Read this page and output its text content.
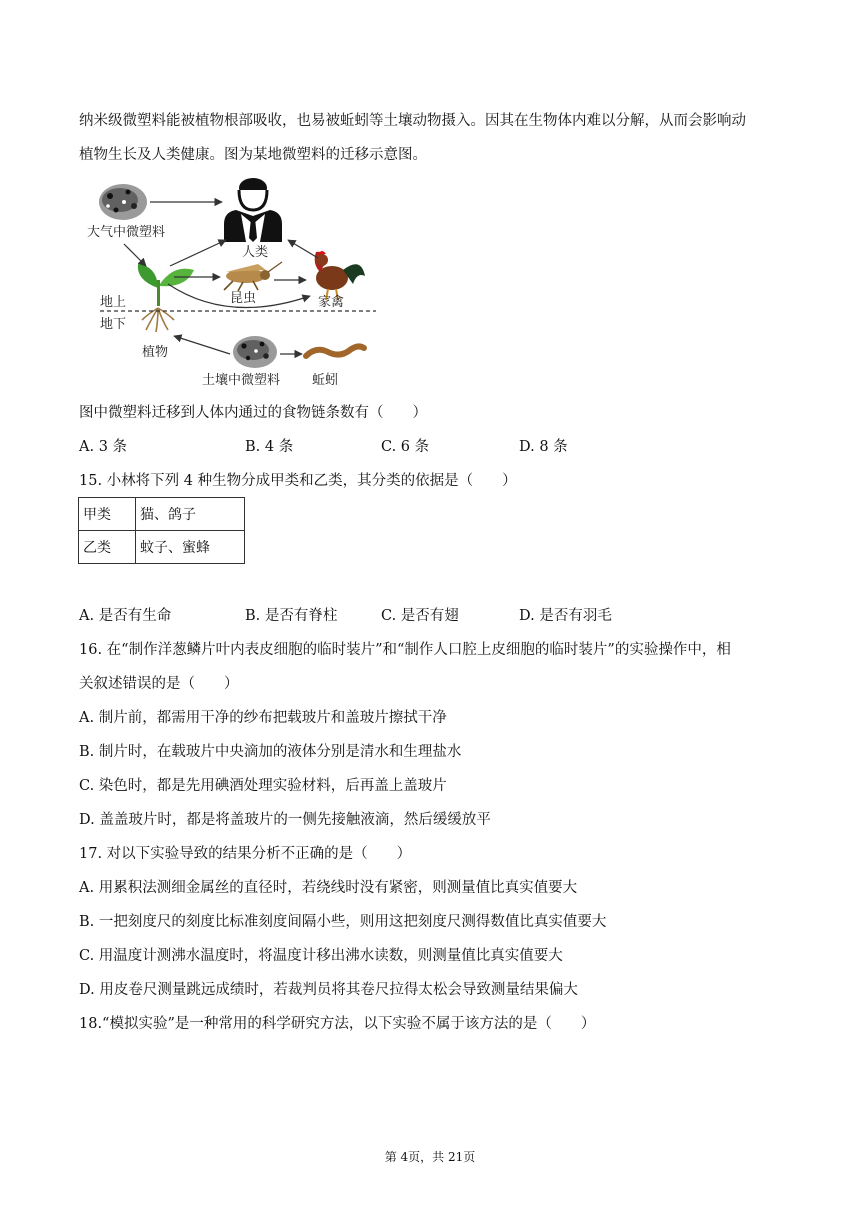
纳米级微塑料能被植物根部吸收，也易被蚯蚓等土壤动物摄入。因其在生物体内难以分解，从而会影响动
植物生长及人类健康。图为某地微塑料的迁移示意图。
大气中微塑料
人类
昆虫	家禽
地上
地下
植物
土壤中微塑料 蚯蚓
图中微塑料迁移到人体内通过的食物链条数有（　　）
A. 3 条	B. 4 条	C. 6 条	D. 8 条
15. 小林将下列 4 种生物分成甲类和乙类，其分类的依据是（　　）
甲类	猫、鸽子
乙类	蚊子、蜜蜂
A. 是否有生命	B. 是否有脊柱	C. 是否有翅	D. 是否有羽毛
16. 在“制作洋葱鳞片叶内表皮细胞的临时装片”和“制作人口腔上皮细胞的临时装片”的实验操作中，相
关叙述错误的是（　　）
A. 制片前，都需用干净的纱布把载玻片和盖玻片擦拭干净
B. 制片时，在载玻片中央滴加的液体分别是清水和生理盐水
C. 染色时，都是先用碘酒处理实验材料，后再盖上盖玻片
D. 盖盖玻片时，都是将盖玻片的一侧先接触液滴，然后缓缓放平
17. 对以下实验导致的结果分析不正确的是（　　）
A. 用累积法测细金属丝的直径时，若绕线时没有紧密，则测量值比真实值要大
B. 一把刻度尺的刻度比标准刻度间隔小些，则用这把刻度尺测得数值比真实值要大
C. 用温度计测沸水温度时，将温度计移出沸水读数，则测量值比真实值要大
D. 用皮卷尺测量跳远成绩时，若裁判员将其卷尺拉得太松会导致测量结果偏大
18.“模拟实验”是一种常用的科学研究方法，以下实验不属于该方法的是（　　）
第 4页，共 21页
